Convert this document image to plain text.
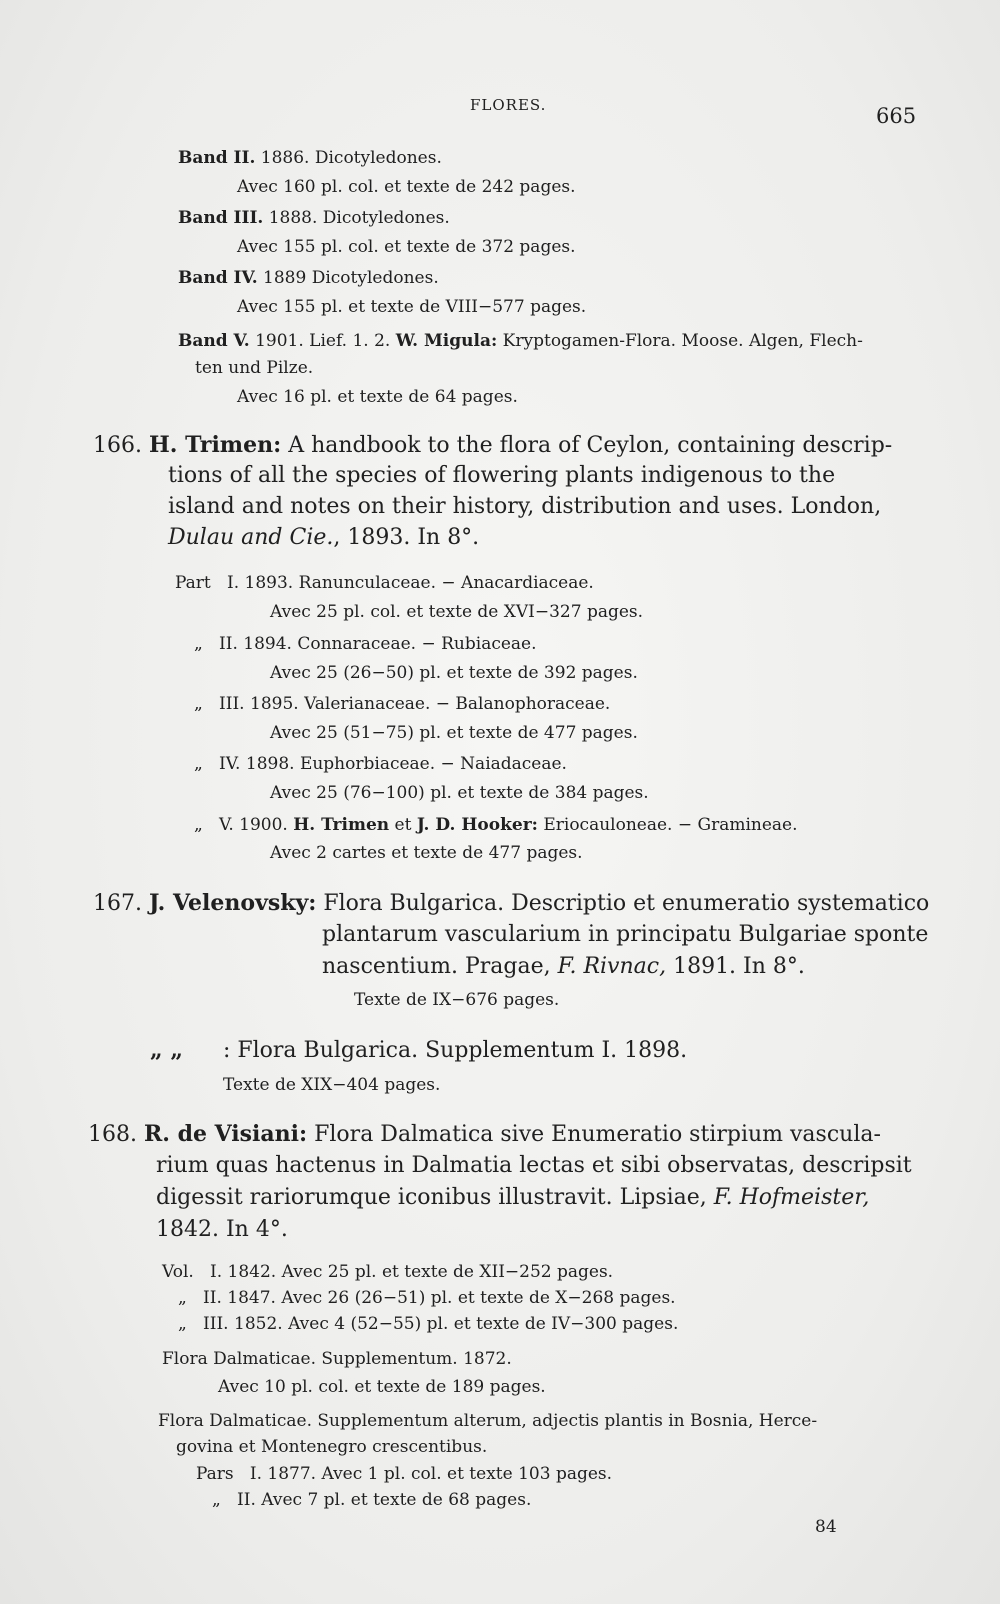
FLORES.	665
Band II. 1886. Dicotyledones.
Avec 160 pl. col. et texte de 242 pages.
Band III. 1888. Dicotyledones.
Avec 155 pl. col. et texte de 372 pages.
Band IV. 1889 Dicotyledones.
Avec 155 pl. et texte de VIII−577 pages.
Band V. 1901. Lief. 1. 2. W. Migula: Kryptogamen-Flora. Moose. Algen, Flech-
ten und Pilze.
Avec 16 pl. et texte de 64 pages.
166. H. Trimen: A handbook to the flora of Ceylon, containing descrip-
tions of all the species of flowering plants indigenous to the
island and notes on their history, distribution and uses. London,
Dulau and Cie., 1893. In 8°.
Part I. 1893. Ranunculaceae. − Anacardiaceae.
Avec 25 pl. col. et texte de XVI−327 pages.
„ II. 1894. Connaraceae. − Rubiaceae.
Avec 25 (26−50) pl. et texte de 392 pages.
„ III. 1895. Valerianaceae. − Balanophoraceae.
Avec 25 (51−75) pl. et texte de 477 pages.
„ IV. 1898. Euphorbiaceae. − Naiadaceae.
Avec 25 (76−100) pl. et texte de 384 pages.
„ V. 1900. H. Trimen et J. D. Hooker: Eriocauloneae. − Gramineae.
Avec 2 cartes et texte de 477 pages.
167. J. Velenovsky: Flora Bulgarica. Descriptio et enumeratio systematico
plantarum vascularium in principatu Bulgariae sponte
nascentium. Pragae, F. Rivnac, 1891. In 8°.
Texte de IX−676 pages.
„ „ : Flora Bulgarica. Supplementum I. 1898.
Texte de XIX−404 pages.
168. R. de Visiani: Flora Dalmatica sive Enumeratio stirpium vascula-
rium quas hactenus in Dalmatia lectas et sibi observatas, descripsit
digessit rariorumque iconibus illustravit. Lipsiae, F. Hofmeister,
1842. In 4°.
Vol. I. 1842. Avec 25 pl. et texte de XII−252 pages.
„ II. 1847. Avec 26 (26−51) pl. et texte de X−268 pages.
„ III. 1852. Avec 4 (52−55) pl. et texte de IV−300 pages.
Flora Dalmaticae. Supplementum. 1872.
Avec 10 pl. col. et texte de 189 pages.
Flora Dalmaticae. Supplementum alterum, adjectis plantis in Bosnia, Herce-
govina et Montenegro crescentibus.
Pars I. 1877. Avec 1 pl. col. et texte 103 pages.
„ II. Avec 7 pl. et texte de 68 pages.
84
